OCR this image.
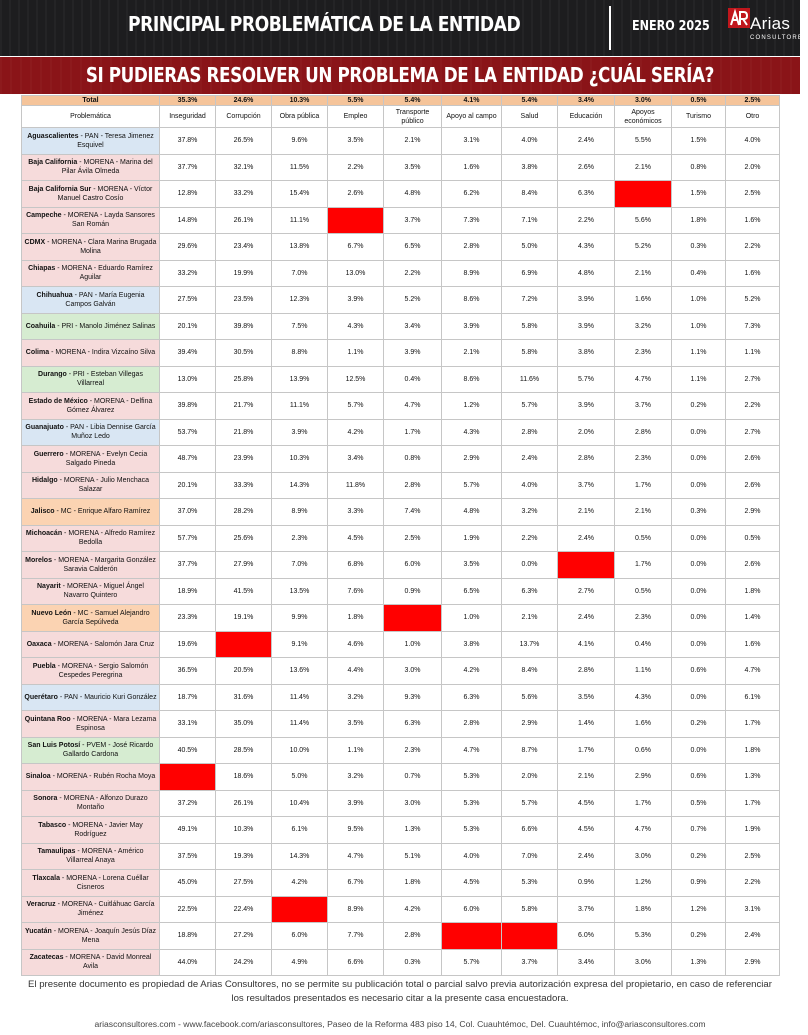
PRINCIPAL PROBLEMÁTICA DE LA ENTIDAD	ENERO 2025 Arias
CONSULTORES
SI PUDIERAS RESOLVER UN PROBLEMA DE LA ENTIDAD ¿CUÁL SERÍA?
Total	35.3%	24.6%	10.3%	5.5%	5.4%	4.1%	5.4%	3.4%	3.0%	0.5%	2.5%
Problemática	Inseguridad	Corrupción	Obra pública	Empleo	Transporte público	Apoyo al campo	Salud	Educación	Apoyos económicos	Turismo	Otro
Aguascalientes - PAN - Teresa Jimenez Esquivel	37.8%	26.5%	9.6%	3.5%	2.1%	3.1%	4.0%	2.4%	5.5%	1.5%	4.0%
Baja California - MORENA - Marina del Pilar Ávila Olmeda	37.7%	32.1%	11.5%	2.2%	3.5%	1.6%	3.8%	2.6%	2.1%	0.8%	2.0%
Baja California Sur - MORENA - Víctor Manuel Castro Cosío	12.8%	33.2%	15.4%	2.6%	4.8%	6.2%	8.4%	6.3%	6.2%	1.5%	2.5%
Campeche - MORENA - Layda Sansores San Román	14.8%	26.1%	11.1%	10.7%	3.7%	7.3%	7.1%	2.2%	5.6%	1.8%	1.6%
CDMX - MORENA - Clara Marina Brugada Molina	29.6%	23.4%	13.8%	6.7%	6.5%	2.8%	5.0%	4.3%	5.2%	0.3%	2.2%
Chiapas - MORENA - Eduardo Ramírez Aguilar	33.2%	19.9%	7.0%	13.0%	2.2%	8.9%	6.9%	4.8%	2.1%	0.4%	1.6%
Chihuahua - PAN - María Eugenia Campos Galván	27.5%	23.5%	12.3%	3.9%	5.2%	8.6%	7.2%	3.9%	1.6%	1.0%	5.2%
Coahuila - PRI - Manolo Jiménez Salinas	20.1%	39.8%	7.5%	4.3%	3.4%	3.9%	5.8%	3.9%	3.2%	1.0%	7.3%
Colima - MORENA - Indira Vizcaíno Silva	39.4%	30.5%	8.8%	1.1%	3.9%	2.1%	5.8%	3.8%	2.3%	1.1%	1.1%
Durango - PRI - Esteban Villegas Villarreal	13.0%	25.8%	13.9%	12.5%	0.4%	8.6%	11.6%	5.7%	4.7%	1.1%	2.7%
Estado de México - MORENA - Delfina Gómez Álvarez	39.8%	21.7%	11.1%	5.7%	4.7%	1.2%	5.7%	3.9%	3.7%	0.2%	2.2%
Guanajuato - PAN - Libia Dennise García Muñoz Ledo	53.7%	21.8%	3.9%	4.2%	1.7%	4.3%	2.8%	2.0%	2.8%	0.0%	2.7%
Guerrero - MORENA - Evelyn Cecia Salgado Pineda	48.7%	23.9%	10.3%	3.4%	0.8%	2.9%	2.4%	2.8%	2.3%	0.0%	2.6%
Hidalgo - MORENA - Julio Menchaca Salazar	20.1%	33.3%	14.3%	11.8%	2.8%	5.7%	4.0%	3.7%	1.7%	0.0%	2.6%
Jalisco - MC - Enrique Alfaro Ramírez	37.0%	28.2%	8.9%	3.3%	7.4%	4.8%	3.2%	2.1%	2.1%	0.3%	2.9%
Michoacán - MORENA - Alfredo Ramírez Bedolla	57.7%	25.6%	2.3%	4.5%	2.5%	1.9%	2.2%	2.4%	0.5%	0.0%	0.5%
Morelos - MORENA - Margarita González Saravia Calderón	37.7%	27.9%	7.0%	6.8%	6.0%	3.5%	0.0%	6.7%	1.7%	0.0%	2.6%
Nayarit - MORENA - Miguel Ángel Navarro Quintero	18.9%	41.5%	13.5%	7.6%	0.9%	6.5%	6.3%	2.7%	0.5%	0.0%	1.8%
Nuevo León - MC - Samuel Alejandro García Sepúlveda	23.3%	19.1%	9.9%	1.8%	16.7%	1.0%	2.1%	2.4%	2.3%	0.0%	1.4%
Oaxaca - MORENA - Salomón Jara Cruz	19.6%	42.3%	9.1%	4.6%	1.0%	3.8%	13.7%	4.1%	0.4%	0.0%	1.6%
Puebla - MORENA - Sergio Salomón Cespedes Peregrina	36.5%	20.5%	13.6%	4.4%	3.0%	4.2%	8.4%	2.8%	1.1%	0.6%	4.7%
Querétaro - PAN - Mauricio Kuri González	18.7%	31.6%	11.4%	3.2%	9.3%	6.3%	5.6%	3.5%	4.3%	0.0%	6.1%
Quintana Roo - MORENA - Mara Lezama Espinosa	33.1%	35.0%	11.4%	3.5%	6.3%	2.8%	2.9%	1.4%	1.6%	0.2%	1.7%
San Luis Potosí - PVEM - José Ricardo Gallardo Cardona	40.5%	28.5%	10.0%	1.1%	2.3%	4.7%	8.7%	1.7%	0.6%	0.0%	1.8%
Sinaloa - MORENA - Rubén Rocha Moya	58.4%	18.6%	5.0%	3.2%	0.7%	5.3%	2.0%	2.1%	2.9%	0.6%	1.3%
Sonora - MORENA - Alfonzo Durazo Montaño	37.2%	26.1%	10.4%	3.9%	3.0%	5.3%	5.7%	4.5%	1.7%	0.5%	1.7%
Tabasco - MORENA - Javier May Rodríguez	49.1%	10.3%	6.1%	9.5%	1.3%	5.3%	6.6%	4.5%	4.7%	0.7%	1.9%
Tamaulipas - MORENA - Américo Villarreal Anaya	37.5%	19.3%	14.3%	4.7%	5.1%	4.0%	7.0%	2.4%	3.0%	0.2%	2.5%
Tlaxcala - MORENA - Lorena Cuéllar Cisneros	45.0%	27.5%	4.2%	6.7%	1.8%	4.5%	5.3%	0.9%	1.2%	0.9%	2.2%
Veracruz - MORENA - Cuitláhuac García Jiménez	22.5%	22.4%	20.5%	8.9%	4.2%	6.0%	5.8%	3.7%	1.8%	1.2%	3.1%
Yucatán - MORENA - Joaquín Jesús Díaz Mena	18.8%	27.2%	6.0%	7.7%	2.8%	9.4%	14.3%	6.0%	5.3%	0.2%	2.4%
Zacatecas - MORENA - David Monreal Avila	44.0%	24.2%	4.9%	6.6%	0.3%	5.7%	3.7%	3.4%	3.0%	1.3%	2.9%
El presente documento es propiedad de Arias Consultores, no se permite su publicación total o parcial salvo previa autorización expresa del propietario, en caso de referenciar los resultados presentados es necesario citar a la presente casa encuestadora.
ariasconsultores.com - www.facebook.com/ariasconsultores, Paseo de la Reforma 483 piso 14, Col. Cuauhtémoc, Del. Cuauhtémoc, info@ariasconsultores.com
